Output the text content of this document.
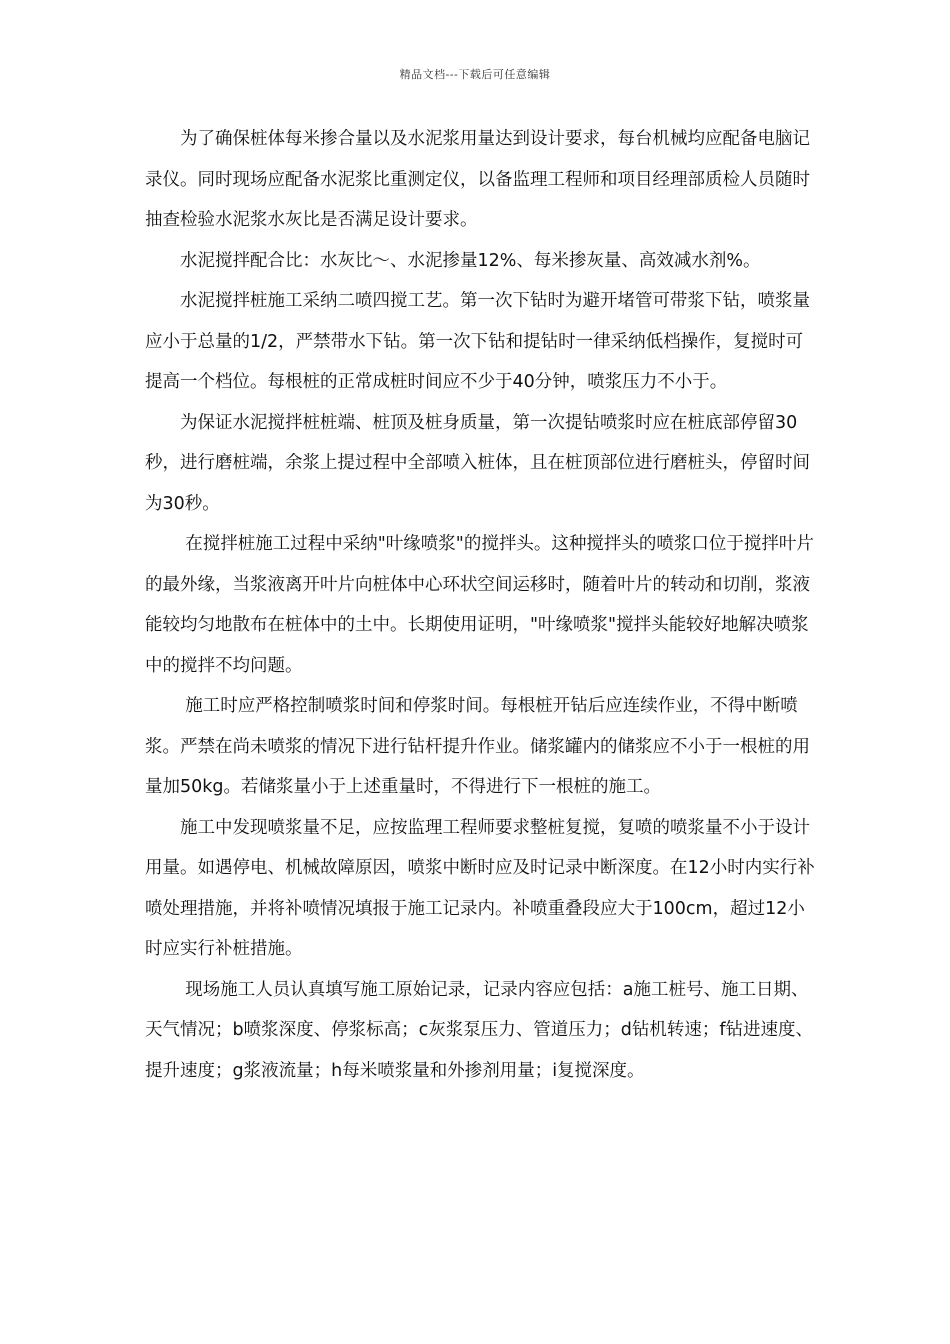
精品文档---下载后可任意编辑

为了确保桩体每米掺合量以及水泥浆用量达到设计要求，每台机械均应配备电脑记录仪。同时现场应配备水泥浆比重测定仪，以备监理工程师和项目经理部质检人员随时抽查检验水泥浆水灰比是否满足设计要求。

水泥搅拌配合比：水灰比～、水泥掺量12%、每米掺灰量、高效减水剂%。

水泥搅拌桩施工采纳二喷四搅工艺。第一次下钻时为避开堵管可带浆下钻，喷浆量应小于总量的1/2，严禁带水下钻。第一次下钻和提钻时一律采纳低档操作，复搅时可提高一个档位。每根桩的正常成桩时间应不少于40分钟，喷浆压力不小于。

为保证水泥搅拌桩桩端、桩顶及桩身质量，第一次提钻喷浆时应在桩底部停留30秒，进行磨桩端，余浆上提过程中全部喷入桩体，且在桩顶部位进行磨桩头，停留时间为30秒。

在搅拌桩施工过程中采纳"叶缘喷浆"的搅拌头。这种搅拌头的喷浆口位于搅拌叶片的最外缘，当浆液离开叶片向桩体中心环状空间运移时，随着叶片的转动和切削，浆液能较均匀地散布在桩体中的土中。长期使用证明，"叶缘喷浆"搅拌头能较好地解决喷浆中的搅拌不均问题。

施工时应严格控制喷浆时间和停浆时间。每根桩开钻后应连续作业，不得中断喷浆。严禁在尚未喷浆的情况下进行钻杆提升作业。储浆罐内的储浆应不小于一根桩的用量加50kg。若储浆量小于上述重量时，不得进行下一根桩的施工。

施工中发现喷浆量不足，应按监理工程师要求整桩复搅，复喷的喷浆量不小于设计用量。如遇停电、机械故障原因，喷浆中断时应及时记录中断深度。在12小时内实行补喷处理措施，并将补喷情况填报于施工记录内。补喷重叠段应大于100cm，超过12小时应实行补桩措施。

现场施工人员认真填写施工原始记录，记录内容应包括：a施工桩号、施工日期、天气情况；b喷浆深度、停浆标高；c灰浆泵压力、管道压力；d钻机转速；f钻进速度、提升速度；g浆液流量；h每米喷浆量和外掺剂用量；i复搅深度。
